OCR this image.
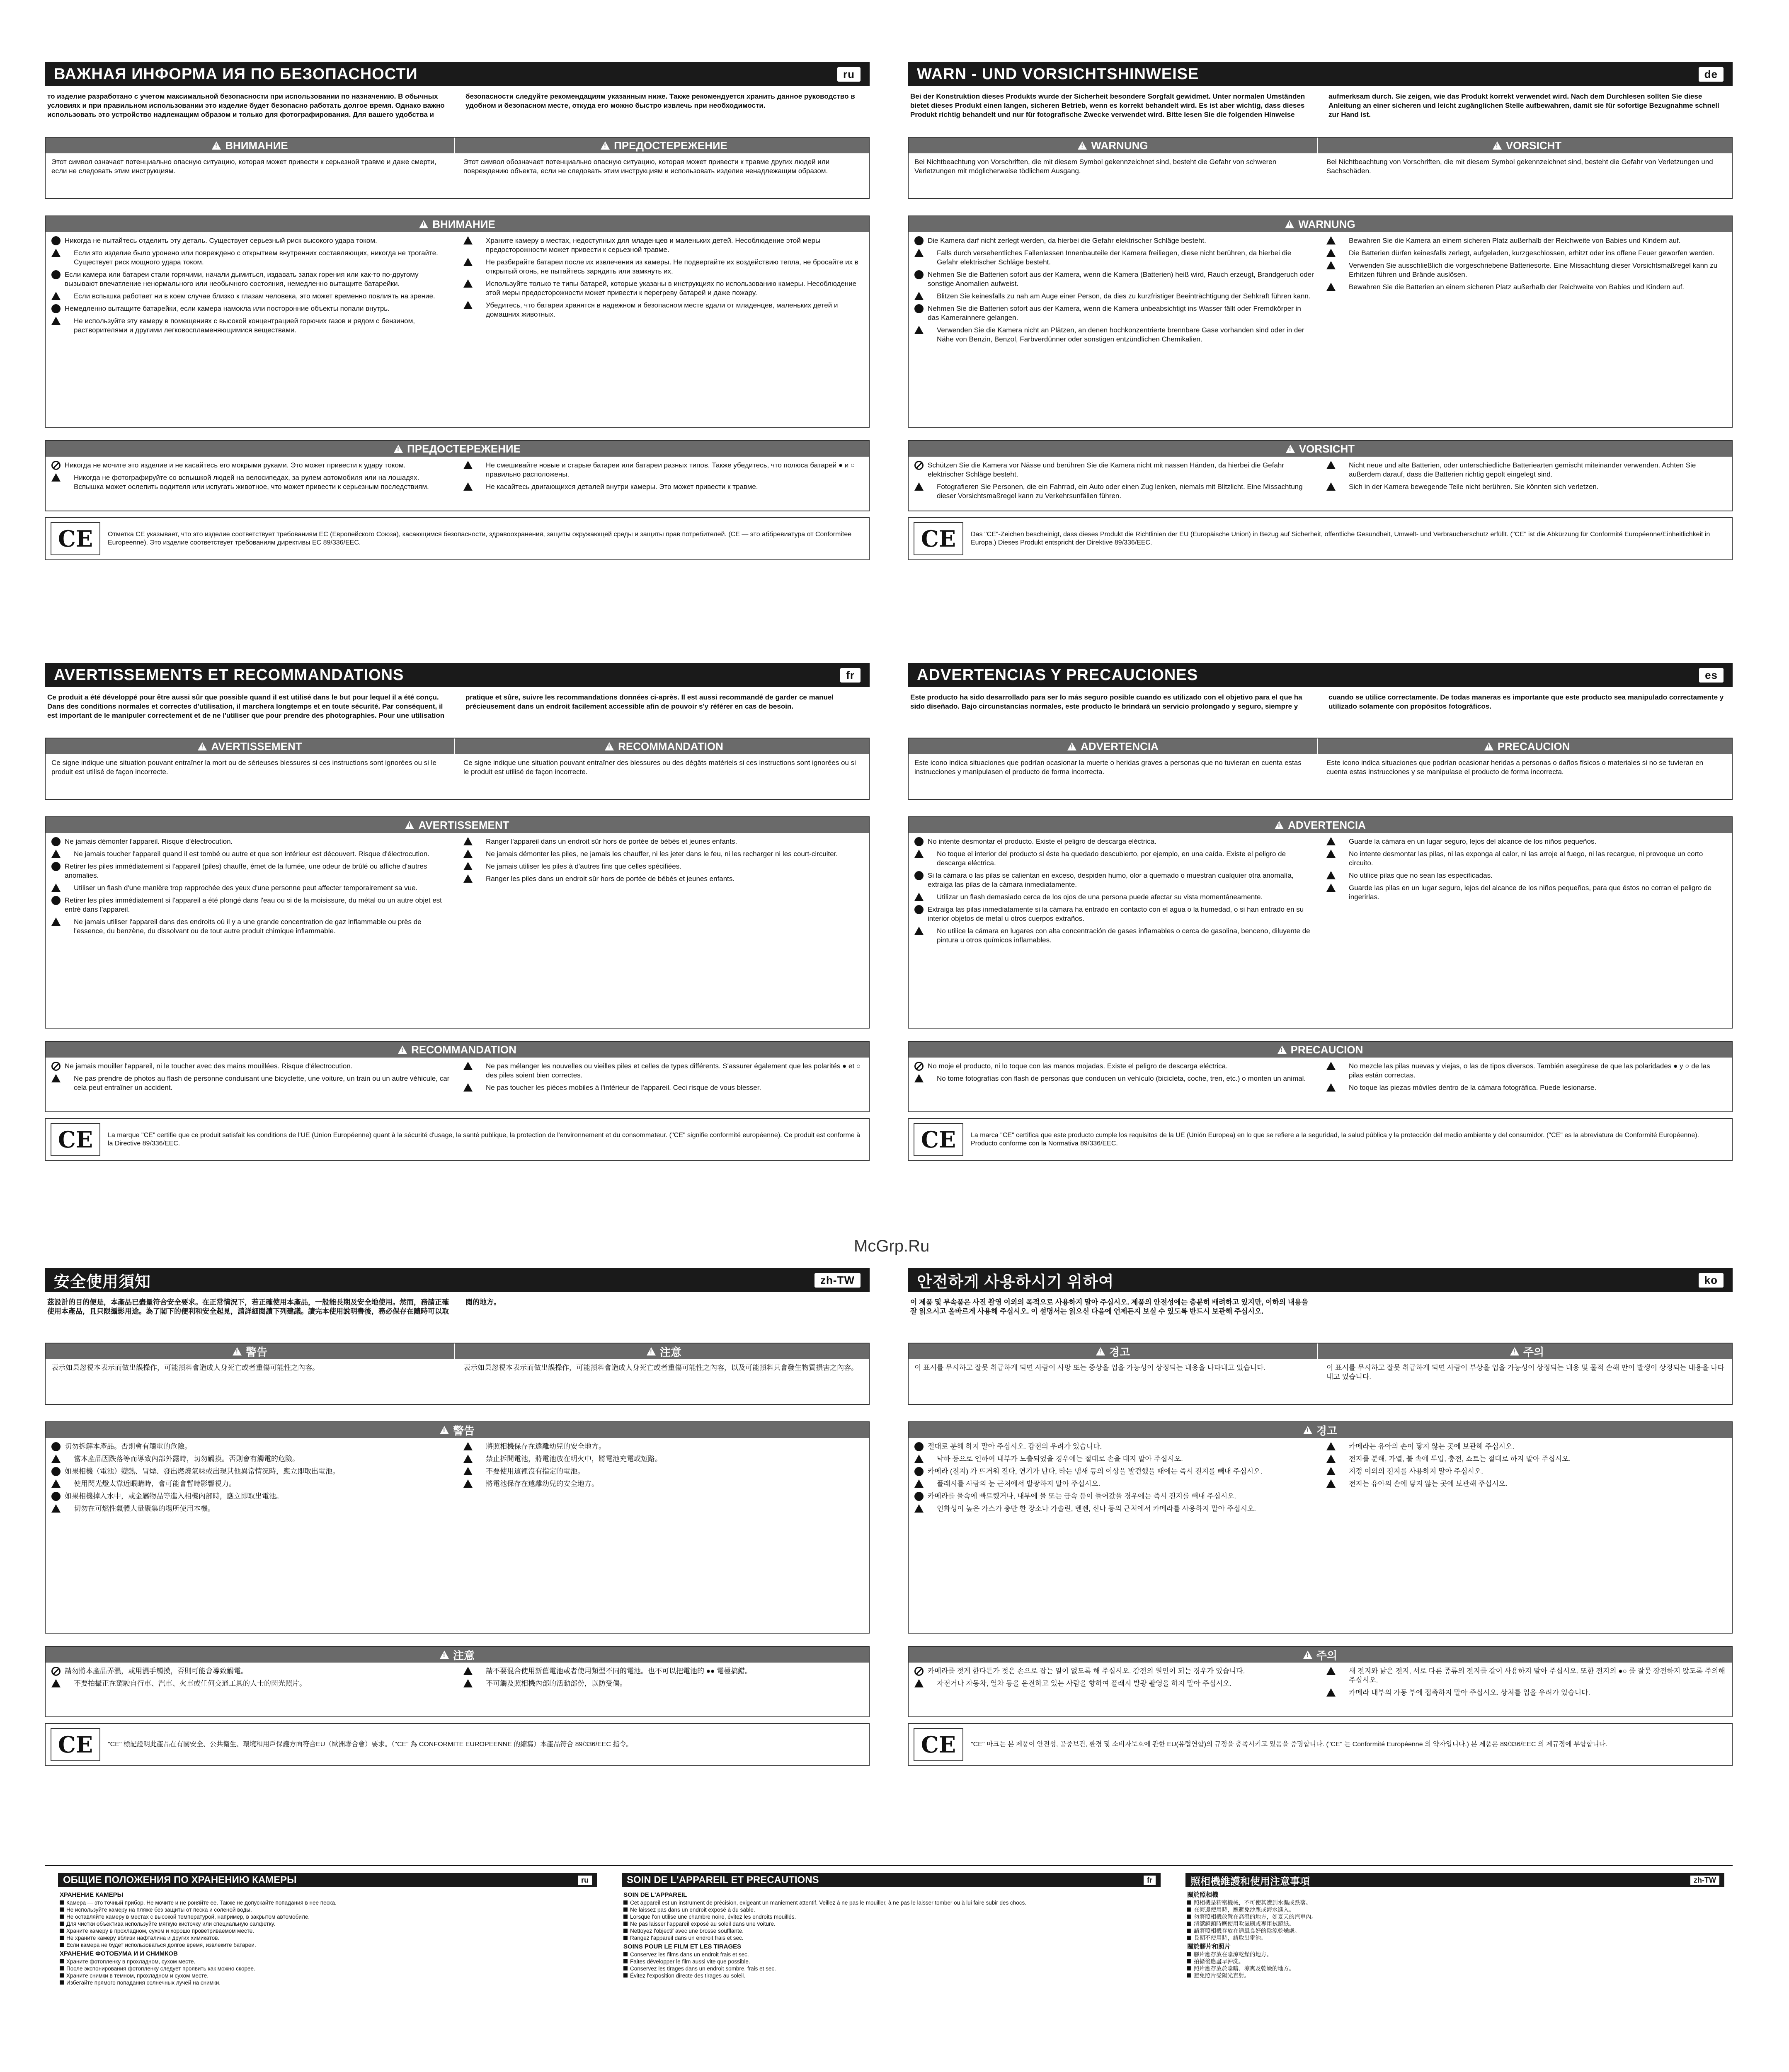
ВАЖНАЯ ИНФОРМА ИЯ ПО БЕЗОПАСНОСТИ	ru
то изделие разработано с учетом максимальной безопасности при использовании по назначению. В обычных условиях и при правильном использовании это изделие будет безопасно работать долгое время. Однако важно использовать это устройство надлежащим образом и только для фотографирования. Для вашего удобства и безопасности следуйте рекомендациям указанным ниже. Также рекомендуется хранить данное руководство в удобном и безопасном месте, откуда его можно быстро извлечь при необходимости.
!
ВНИМАНИЕ !	ПРЕДОСТЕРЕЖЕНИЕ
Этот символ означает потенциально опасную ситуацию, которая может привести к серьезной травме и даже смерти, если не следовать этим инструкциям.
Этот символ обозначает потенциально опасную ситуацию, которая может привести к травме других людей или повреждению объекта, если не следовать этим инструкциям и использовать изделие ненадлежащим образом.
!
ВНИМАНИЕ
Никогда не пытайтесь отделить эту деталь. Существует серьезный риск высокого удара током.
Если это изделие было уронено или повреждено с открытием внутренних составляющих, никогда не трогайте. Существует риск мощного удара током.
Если камера или батареи стали горячими, начали дымиться, издавать запах горения или как-то по-другому вызывают впечатление ненормального или необычного состояния, немедленно вытащите батарейки.
Если вспышка работает ни в коем случае близко к глазам человека, это может временно повлиять на зрение.
Немедленно вытащите батарейки, если камера намокла или посторонние объекты попали внутрь.
Не используйте эту камеру в помещениях с высокой концентрацией горючих газов и рядом с бензином, растворителями и другими легковоспламеняющимися веществами.
Храните камеру в местах, недоступных для младенцев и маленьких детей. Несоблюдение этой меры предосторожности может привести к серьезной травме.
Не разбирайте батареи после их извлечения из камеры. Не подвергайте их воздействию тепла, не бросайте их в открытый огонь, не пытайтесь зарядить или замкнуть их.
Используйте только те типы батарей, которые указаны в инструкциях по использованию камеры. Несоблюдение этой меры предосторожности может привести к перегреву батарей и даже пожару.
Убедитесь, что батареи хранятся в надежном и безопасном месте вдали от младенцев, маленьких детей и домашних животных.
!
ПРЕДОСТЕРЕЖЕНИЕ
Никогда не мочите это изделие и не касайтесь его мокрыми руками. Это может привести к удару током.
Никогда не фотографируйте со вспышкой людей на велосипедах, за рулем автомобиля или на лошадях. Вспышка может ослепить водителя или испугать животное, что может привести к серьезным последствиям.
Не смешивайте новые и старые батареи или батареи разных типов. Также убедитесь, что полюса батарей ● и ○ правильно расположены.
Не касайтесь двигающихся деталей внутри камеры. Это может привести к травме.
CE	Отметка CE указывает, что это изделие соответствует требованиям ЕС (Европейского Союза), касающимся безопасности, здравоохранения, защиты окружающей среды и защиты прав потребителей. (CE — это аббревиатура от Conformitee Europeenne). Это изделие соответствует требованиям директивы EC 89/336/EEC.
WARN - UND VORSICHTSHINWEISE	de
Bei der Konstruktion dieses Produkts wurde der Sicherheit besondere Sorgfalt gewidmet. Unter normalen Umständen bietet dieses Produkt einen langen, sicheren Betrieb, wenn es korrekt behandelt wird. Es ist aber wichtig, dass dieses Produkt richtig behandelt und nur für fotografische Zwecke verwendet wird. Bitte lesen Sie die folgenden Hinweise aufmerksam durch. Sie zeigen, wie das Produkt korrekt verwendet wird. Nach dem Durchlesen sollten Sie diese Anleitung an einer sicheren und leicht zugänglichen Stelle aufbewahren, damit sie für sofortige Bezugnahme schnell zur Hand ist.
!
WARNUNG !	VORSICHT
Bei Nichtbeachtung von Vorschriften, die mit diesem Symbol gekennzeichnet sind, besteht die Gefahr von schweren Verletzungen mit möglicherweise tödlichem Ausgang.
Bei Nichtbeachtung von Vorschriften, die mit diesem Symbol gekennzeichnet sind, besteht die Gefahr von Verletzungen und Sachschäden.
!
WARNUNG
Die Kamera darf nicht zerlegt werden, da hierbei die Gefahr elektrischer Schläge besteht.
Falls durch versehentliches Fallenlassen Innenbauteile der Kamera freiliegen, diese nicht berühren, da hierbei die Gefahr elektrischer Schläge besteht.
Nehmen Sie die Batterien sofort aus der Kamera, wenn die Kamera (Batterien) heiß wird, Rauch erzeugt, Brandgeruch oder sonstige Anomalien aufweist.
Blitzen Sie keinesfalls zu nah am Auge einer Person, da dies zu kurzfristiger Beeinträchtigung der Sehkraft führen kann.
Nehmen Sie die Batterien sofort aus der Kamera, wenn die Kamera unbeabsichtigt ins Wasser fällt oder Fremdkörper in das Kamerainnere gelangen.
Verwenden Sie die Kamera nicht an Plätzen, an denen hochkonzentrierte brennbare Gase vorhanden sind oder in der Nähe von Benzin, Benzol, Farbverdünner oder sonstigen entzündlichen Chemikalien.
Bewahren Sie die Kamera an einem sicheren Platz außerhalb der Reichweite von Babies und Kindern auf.
Die Batterien dürfen keinesfalls zerlegt, aufgeladen, kurzgeschlossen, erhitzt oder ins offene Feuer geworfen werden.
Verwenden Sie ausschließlich die vorgeschriebene Batteriesorte. Eine Missachtung dieser Vorsichtsmaßregel kann zu Erhitzen führen und Brände auslösen.
Bewahren Sie die Batterien an einem sicheren Platz außerhalb der Reichweite von Babies und Kindern auf.
!
VORSICHT
Schützen Sie die Kamera vor Nässe und berühren Sie die Kamera nicht mit nassen Händen, da hierbei die Gefahr elektrischer Schläge besteht.
Fotografieren Sie Personen, die ein Fahrrad, ein Auto oder einen Zug lenken, niemals mit Blitzlicht. Eine Missachtung dieser Vorsichtsmaßregel kann zu Verkehrsunfällen führen.
Nicht neue und alte Batterien, oder unterschiedliche Batteriearten gemischt miteinander verwenden. Achten Sie außerdem darauf, dass die Batterien richtig gepolt eingelegt sind.
Sich in der Kamera bewegende Teile nicht berühren. Sie könnten sich verletzen.
CE	Das "CE"-Zeichen bescheinigt, dass dieses Produkt die Richtlinien der EU (Europäische Union) in Bezug auf Sicherheit, öffentliche Gesundheit, Umwelt- und Verbraucherschutz erfüllt. ("CE" ist die Abkürzung für Conformité Européenne/Einheitlichkeit in Europa.) Dieses Produkt entspricht der Direktive 89/336/EEC.
AVERTISSEMENTS ET RECOMMANDATIONS	fr
Ce produit a été développé pour être aussi sûr que possible quand il est utilisé dans le but pour lequel il a été conçu. Dans des conditions normales et correctes d'utilisation, il marchera longtemps et en toute sécurité. Par conséquent, il est important de le manipuler correctement et de ne l'utiliser que pour prendre des photographies. Pour une utilisation pratique et sûre, suivre les recommandations données ci-après. Il est aussi recommandé de garder ce manuel précieusement dans un endroit facilement accessible afin de pouvoir s'y référer en cas de besoin.
!
AVERTISSEMENT !	RECOMMANDATION
Ce signe indique une situation pouvant entraîner la mort ou de sérieuses blessures si ces instructions sont ignorées ou si le produit est utilisé de façon incorrecte.
Ce signe indique une situation pouvant entraîner des blessures ou des dégâts matériels si ces instructions sont ignorées ou si le produit est utilisé de façon incorrecte.
!
AVERTISSEMENT
Ne jamais démonter l'appareil. Risque d'électrocution.
Ne jamais toucher l'appareil quand il est tombé ou autre et que son intérieur est découvert. Risque d'électrocution.
Retirer les piles immédiatement si l'appareil (piles) chauffe, émet de la fumée, une odeur de brûlé ou affiche d'autres anomalies.
Utiliser un flash d'une manière trop rapprochée des yeux d'une personne peut affecter temporairement sa vue.
Retirer les piles immédiatement si l'appareil a été plongé dans l'eau ou si de la moisissure, du métal ou un autre objet est entré dans l'appareil.
Ne jamais utiliser l'appareil dans des endroits où il y a une grande concentration de gaz inflammable ou près de l'essence, du benzène, du dissolvant ou de tout autre produit chimique inflammable.
Ranger l'appareil dans un endroit sûr hors de portée de bébés et jeunes enfants.
Ne jamais démonter les piles, ne jamais les chauffer, ni les jeter dans le feu, ni les recharger ni les court-circuiter.
Ne jamais utiliser les piles à d'autres fins que celles spécifiées.
Ranger les piles dans un endroit sûr hors de portée de bébés et jeunes enfants.
!
RECOMMANDATION
Ne jamais mouiller l'appareil, ni le toucher avec des mains mouillées. Risque d'électrocution.
Ne pas prendre de photos au flash de personne conduisant une bicyclette, une voiture, un train ou un autre véhicule, car cela peut entraîner un accident.
Ne pas mélanger les nouvelles ou vieilles piles et celles de types différents. S'assurer également que les polarités ● et ○ des piles soient bien correctes.
Ne pas toucher les pièces mobiles à l'intérieur de l'appareil. Ceci risque de vous blesser.
CE	La marque "CE" certifie que ce produit satisfait les conditions de l'UE (Union Européenne) quant à la sécurité d'usage, la santé publique, la protection de l'environnement et du consommateur. ("CE" signifie conformité européenne). Ce produit est conforme à la Directive 89/336/EEC.
ADVERTENCIAS Y PRECAUCIONES	es
Este producto ha sido desarrollado para ser lo más seguro posible cuando es utilizado con el objetivo para el que ha sido diseñado. Bajo circunstancias normales, este producto le brindará un servicio prolongado y seguro, siempre y cuando se utilice correctamente. De todas maneras es importante que este producto sea manipulado correctamente y utilizado solamente con propósitos fotográficos.
!
ADVERTENCIA !	PRECAUCION
Este icono indica situaciones que podrían ocasionar la muerte o heridas graves a personas que no tuvieran en cuenta estas instrucciones y manipulasen el producto de forma incorrecta.
Este icono indica situaciones que podrían ocasionar heridas a personas o daños físicos o materiales si no se tuvieran en cuenta estas instrucciones y se manipulase el producto de forma incorrecta.
!
ADVERTENCIA
No intente desmontar el producto. Existe el peligro de descarga eléctrica.
No toque el interior del producto si éste ha quedado descubierto, por ejemplo, en una caída. Existe el peligro de descarga eléctrica.
Si la cámara o las pilas se calientan en exceso, despiden humo, olor a quemado o muestran cualquier otra anomalía, extraiga las pilas de la cámara inmediatamente.
Utilizar un flash demasiado cerca de los ojos de una persona puede afectar su vista momentáneamente.
Extraiga las pilas inmediatamente si la cámara ha entrado en contacto con el agua o la humedad, o si han entrado en su interior objetos de metal u otros cuerpos extraños.
No utilice la cámara en lugares con alta concentración de gases inflamables o cerca de gasolina, benceno, diluyente de pintura u otros químicos inflamables.
Guarde la cámara en un lugar seguro, lejos del alcance de los niños pequeños.
No intente desmontar las pilas, ni las exponga al calor, ni las arroje al fuego, ni las recargue, ni provoque un corto circuito.
No utilice pilas que no sean las especificadas.
Guarde las pilas en un lugar seguro, lejos del alcance de los niños pequeños, para que éstos no corran el peligro de ingerirlas.
!
PRECAUCION
No moje el producto, ni lo toque con las manos mojadas. Existe el peligro de descarga eléctrica.
No tome fotografías con flash de personas que conducen un vehículo (bicicleta, coche, tren, etc.) o monten un animal.
No mezcle las pilas nuevas y viejas, o las de tipos diversos. También asegúrese de que las polaridades ● y ○ de las pilas están correctas.
No toque las piezas móviles dentro de la cámara fotográfica. Puede lesionarse.
CE	La marca "CE" certifica que este producto cumple los requisitos de la UE (Unión Europea) en lo que se refiere a la seguridad, la salud pública y la protección del medio ambiente y del consumidor. ("CE" es la abreviatura de Conformité Européenne). Producto conforme con la Normativa 89/336/EEC.
安全使用須知	zh-TW
茲設計的目的便是，本產品已盡量符合安全要求。在正常情況下，若正確使用本產品，一般能長期及安全地使用。然而，務請正確使用本產品，且只限攝影用途。為了閣下的便利和安全起見，請詳細閱讀下列建議。讀完本使用說明書後，務必保存在隨時可以取閱的地方。
!
警告 !	注意
表示如果忽視本表示而做出誤操作，可能預料會造成人身死亡或者重傷可能性之內容。	表示如果忽視本表示而做出誤操作，可能預料會造成人身死亡或者重傷可能性之內容，以及可能預料只會發生物質損害之內容。
!
警告
切勿拆解本產品。否則會有觸電的危險。
當本產品因跌落等而導致內部外露時，切勿觸摸。否則會有觸電的危險。
如果相機（電池）變熱、冒煙、發出燃燒氣味或出現其他異常情況時，應立即取出電池。
使用閃光燈太靠近眼睛時，會可能會暫時影響視力。
如果相機掉入水中，或金屬物品等進入相機內部時，應立即取出電池。
切勿在可燃性氣體大量聚集的場所使用本機。
將照相機保存在遠離幼兒的安全地方。
禁止拆開電池，將電池放在明火中，將電池充電或短路。
不要使用這裡沒有指定的電池。
將電池保存在遠離幼兒的安全地方。
!
注意
請勿將本產品弄濕，或用濕手觸摸，否則可能會導致觸電。
不要拍攝正在駕駛自行車、汽車、火車或任何交通工具的人士的閃光照片。
請不要混合使用新舊電池或者使用類型不同的電池。也不可以把電池的 ●● 電極搞錯。
不可觸及照相機內部的活動部份，以防受傷。
CE	"CE" 標記證明此產品在有關安全、公共衛生、環境和用戶保護方面符合EU（歐洲聯合會）要求。（"CE" 為 CONFORMITE EUROPEENNE 的縮寫）本產品符合 89/336/EEC 指令。
안전하게 사용하시기 위하여	ko
이 제품 및 부속품은 사진 촬영 이외의 목적으로 사용하지 말아 주십시오. 제품의 안전성에는 충분히 배려하고 있지만, 이하의 내용을 잘 읽으시고 올바르게 사용해 주십시오. 이 설명서는 읽으신 다음에 언제든지 보실 수 있도록 반드시 보관해 주십시오.
!
경고 !	주의
이 표시를 무시하고 잘못 취급하게 되면 사람이 사망 또는 중상을 입을 가능성이 상정되는 내용을 나타내고 있습니다.	이 표시를 무시하고 잘못 취급하게 되면 사람이 부상을 입을 가능성이 상정되는 내용 및 물적 손해 만이 발생이 상정되는 내용을 나타내고 있습니다.
!
경고
절대로 분해 하지 말아 주십시오. 감전의 우려가 있습니다.
낙하 등으로 인하여 내부가 노출되었을 경우에는 절대로 손을 대지 말아 주십시오.
카메라 (전지) 가 뜨거워 진다, 연기가 난다, 타는 냄새 등의 이상을 발견했을 때에는 즉시 전지를 빼내 주십시오.
플래시를 사람의 눈 근처에서 발광하지 말아 주십시오.
카메라를 물속에 빠트렸거나, 내부에 물 또는 금속 등이 들어갔을 경우에는 즉시 전지를 빼내 주십시오.
인화성이 높은 가스가 충만 한 장소나 가솔린, 벤젠, 신나 등의 근처에서 카메라를 사용하지 말아 주십시오.
카메라는 유아의 손이 닿지 않는 곳에 보관해 주십시오.
전지를 분해, 가열, 불 속에 투입, 충전, 쇼트는 절대로 하지 말아 주십시오.
지정 이외의 전지를 사용하지 말아 주십시오.
전지는 유아의 손에 닿지 않는 곳에 보관해 주십시오.
!
주의
카메라를 젖게 한다든가 젖은 손으로 잡는 일이 없도록 해 주십시오. 감전의 원인이 되는 경우가 있습니다.
자전거나 자동차, 열차 등을 운전하고 있는 사람을 향하여 플래시 발광 촬영을 하지 말아 주십시오.
새 전지와 낡은 전지, 서로 다른 종류의 전지를 같이 사용하지 말아 주십시오. 또한 전지의 ●○ 를 잘못 장전하지 않도록 주의해 주십시오.
카메라 내부의 가동 부에 접촉하지 말아 주십시오. 상처를 입을 우려가 있습니다.
CE	"CE" 마크는 본 제품이 안전성, 공중보건, 환경 및 소비자보호에 관한 EU(유럽연합)의 규정을 충족시키고 있음을 증명합니다. ("CE" 는 Conformité Européenne 의 약자입니다.) 본 제품은 89/336/EEC 의 제규정에 부합합니다.
McGrp.Ru
ОБЩИЕ ПОЛОЖЕНИЯ ПО ХРАНЕНИЮ КАМЕРЫ	ru
ХРАНЕНИЕ КАМЕРЫ
Камера — это точный прибор. Не мочите и не роняйте ее. Также не допускайте попадания в нее песка.
Не используйте камеру на пляже без защиты от песка и соленой воды.
Не оставляйте камеру в местах с высокой температурой, например, в закрытом автомобиле.
Для чистки объектива используйте мягкую кисточку или специальную салфетку.
Храните камеру в прохладном, сухом и хорошо проветриваемом месте.
Не храните камеру вблизи нафталина и других химикатов.
Если камера не будет использоваться долгое время, извлеките батареи.
ХРАНЕНИЕ ФОТОБУМА И И СНИМКОВ
Храните фотопленку в прохладном, сухом месте.
После экспонирования фотопленку следует проявить как можно скорее.
Храните снимки в темном, прохладном и сухом месте.
Избегайте прямого попадания солнечных лучей на снимки.
SOIN DE L'APPAREIL ET PRECAUTIONS	fr
SOIN DE L'APPAREIL
Cet appareil est un instrument de précision, exigeant un maniement attentif. Veillez à ne pas le mouiller, à ne pas le laisser tomber ou à lui faire subir des chocs.
Ne laissez pas dans un endroit exposé à du sable.
Lorsque l'on utilise une chambre noire, évitez les endroits mouillés.
Ne pas laisser l'appareil exposé au soleil dans une voiture.
Nettoyez l'objectif avec une brosse soufflante.
Rangez l'appareil dans un endroit frais et sec.
SOINS POUR LE FILM ET LES TIRAGES
Conservez les films dans un endroit frais et sec.
Faites développer le film aussi vite que possible.
Conservez les tirages dans un endroit sombre, frais et sec.
Évitez l'exposition directe des tirages au soleil.
照相機維護和使用注意事項	zh-TW
關於照相機
照相機是精密機械，不可使其遭到水濕或跌落。
在海邊使用時，應避免沙塵或海水進入。
勿將照相機放置在高溫的地方，如夏天的汽車內。
清潔鏡頭時應使用吹氣刷或專用拭鏡紙。
請將照相機存放在通風良好的陰涼乾燥處。
長期不使用時，請取出電池。
關於膠片和照片
膠片應存放在陰涼乾燥的地方。
拍攝後應盡早沖洗。
照片應存放於陰暗、涼爽及乾燥的地方。
避免照片受陽光直射。
